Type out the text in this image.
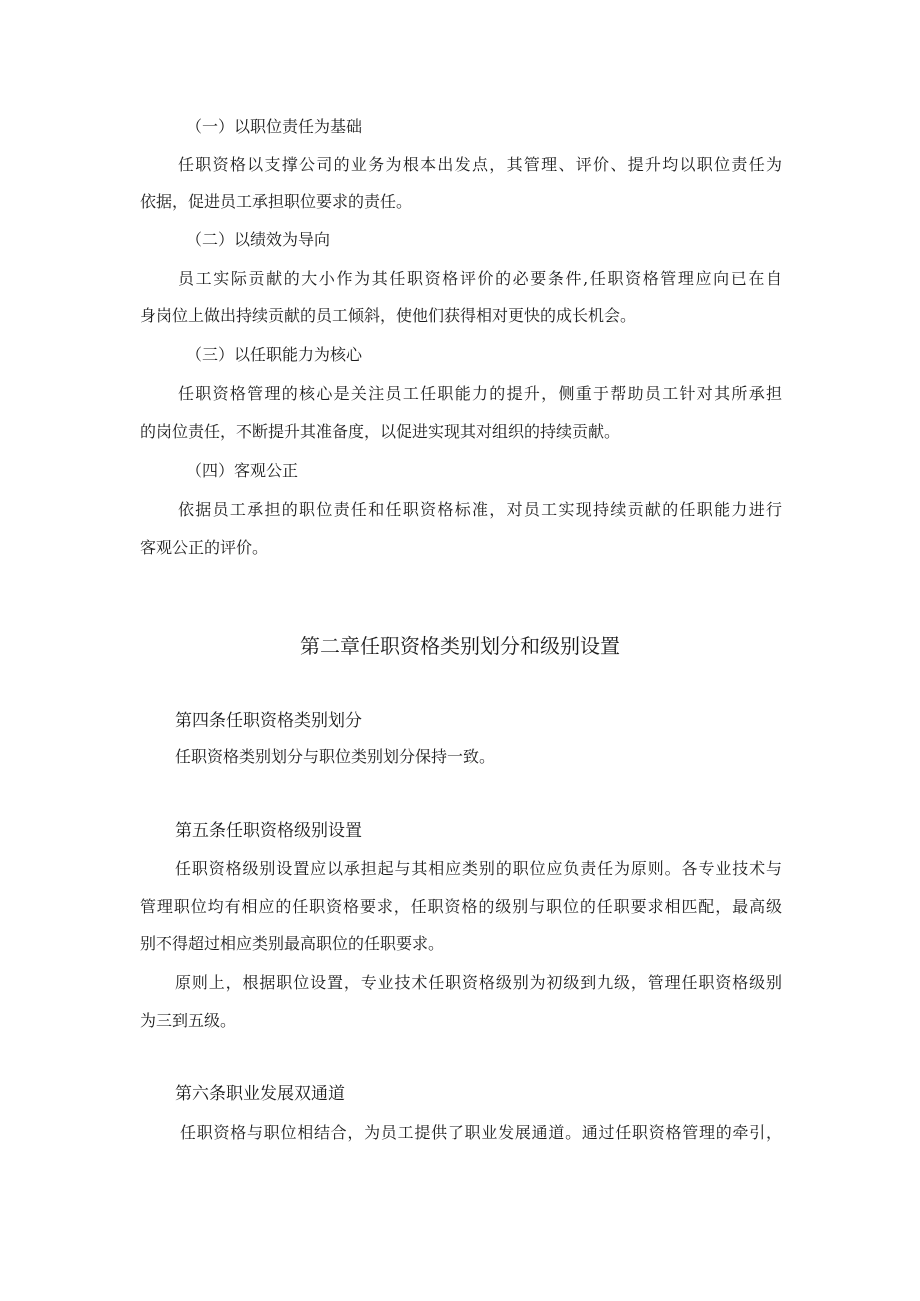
（一）以职位责任为基础
任职资格以支撑公司的业务为根本出发点，其管理、评价、提升均以职位责任为
依据，促进员工承担职位要求的责任。
（二）以绩效为导向
员工实际贡献的大小作为其任职资格评价的必要条件,任职资格管理应向已在自
身岗位上做出持续贡献的员工倾斜，使他们获得相对更快的成长机会。
（三）以任职能力为核心
任职资格管理的核心是关注员工任职能力的提升，侧重于帮助员工针对其所承担
的岗位责任，不断提升其准备度，以促进实现其对组织的持续贡献。
（四）客观公正
依据员工承担的职位责任和任职资格标准，对员工实现持续贡献的任职能力进行
客观公正的评价。
第二章任职资格类别划分和级别设置
第四条任职资格类别划分
任职资格类别划分与职位类别划分保持一致。
第五条任职资格级别设置
任职资格级别设置应以承担起与其相应类别的职位应负责任为原则。各专业技术与
管理职位均有相应的任职资格要求，任职资格的级别与职位的任职要求相匹配，最高级
别不得超过相应类别最高职位的任职要求。
原则上，根据职位设置，专业技术任职资格级别为初级到九级，管理任职资格级别
为三到五级。
第六条职业发展双通道
任职资格与职位相结合，为员工提供了职业发展通道。通过任职资格管理的牵引，
